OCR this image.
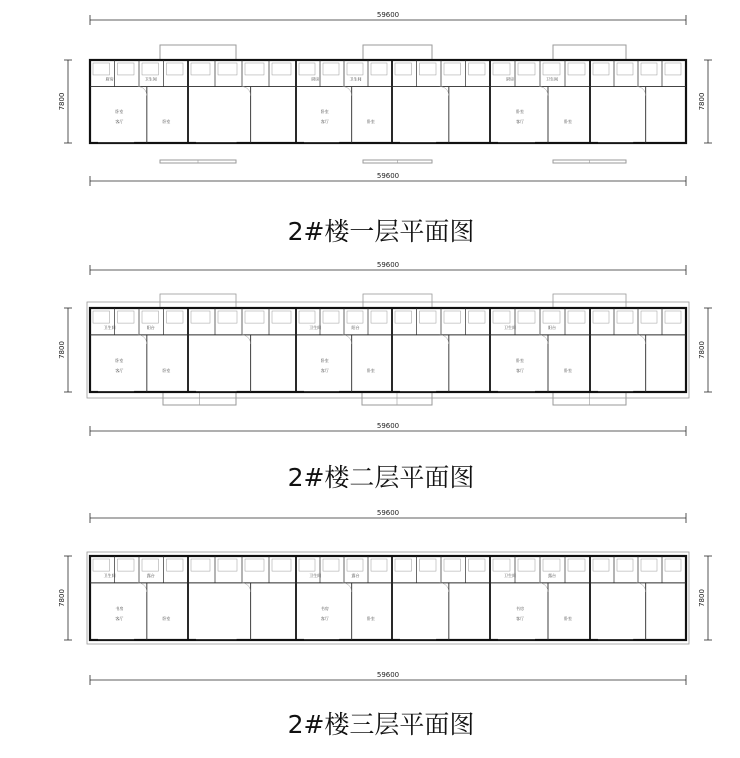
59600
59600
7800	7800
客厅	卧室
卧室
厨房	卫生间
客厅	卧室
卧室
厨房	卫生间
客厅	卧室
卧室
厨房	卫生间
2#楼一层平面图
59600
59600
7800	7800
客厅	卧室
卧室
卫生间	阳台
客厅	卧室
卧室
卫生间	阳台
客厅	卧室
卧室
卫生间	阳台
2#楼二层平面图
59600
59600
7800	7800
客厅	卧室
书房
卫生间	露台
客厅	卧室
书房
卫生间	露台
客厅	卧室
书房
卫生间	露台
2#楼三层平面图
